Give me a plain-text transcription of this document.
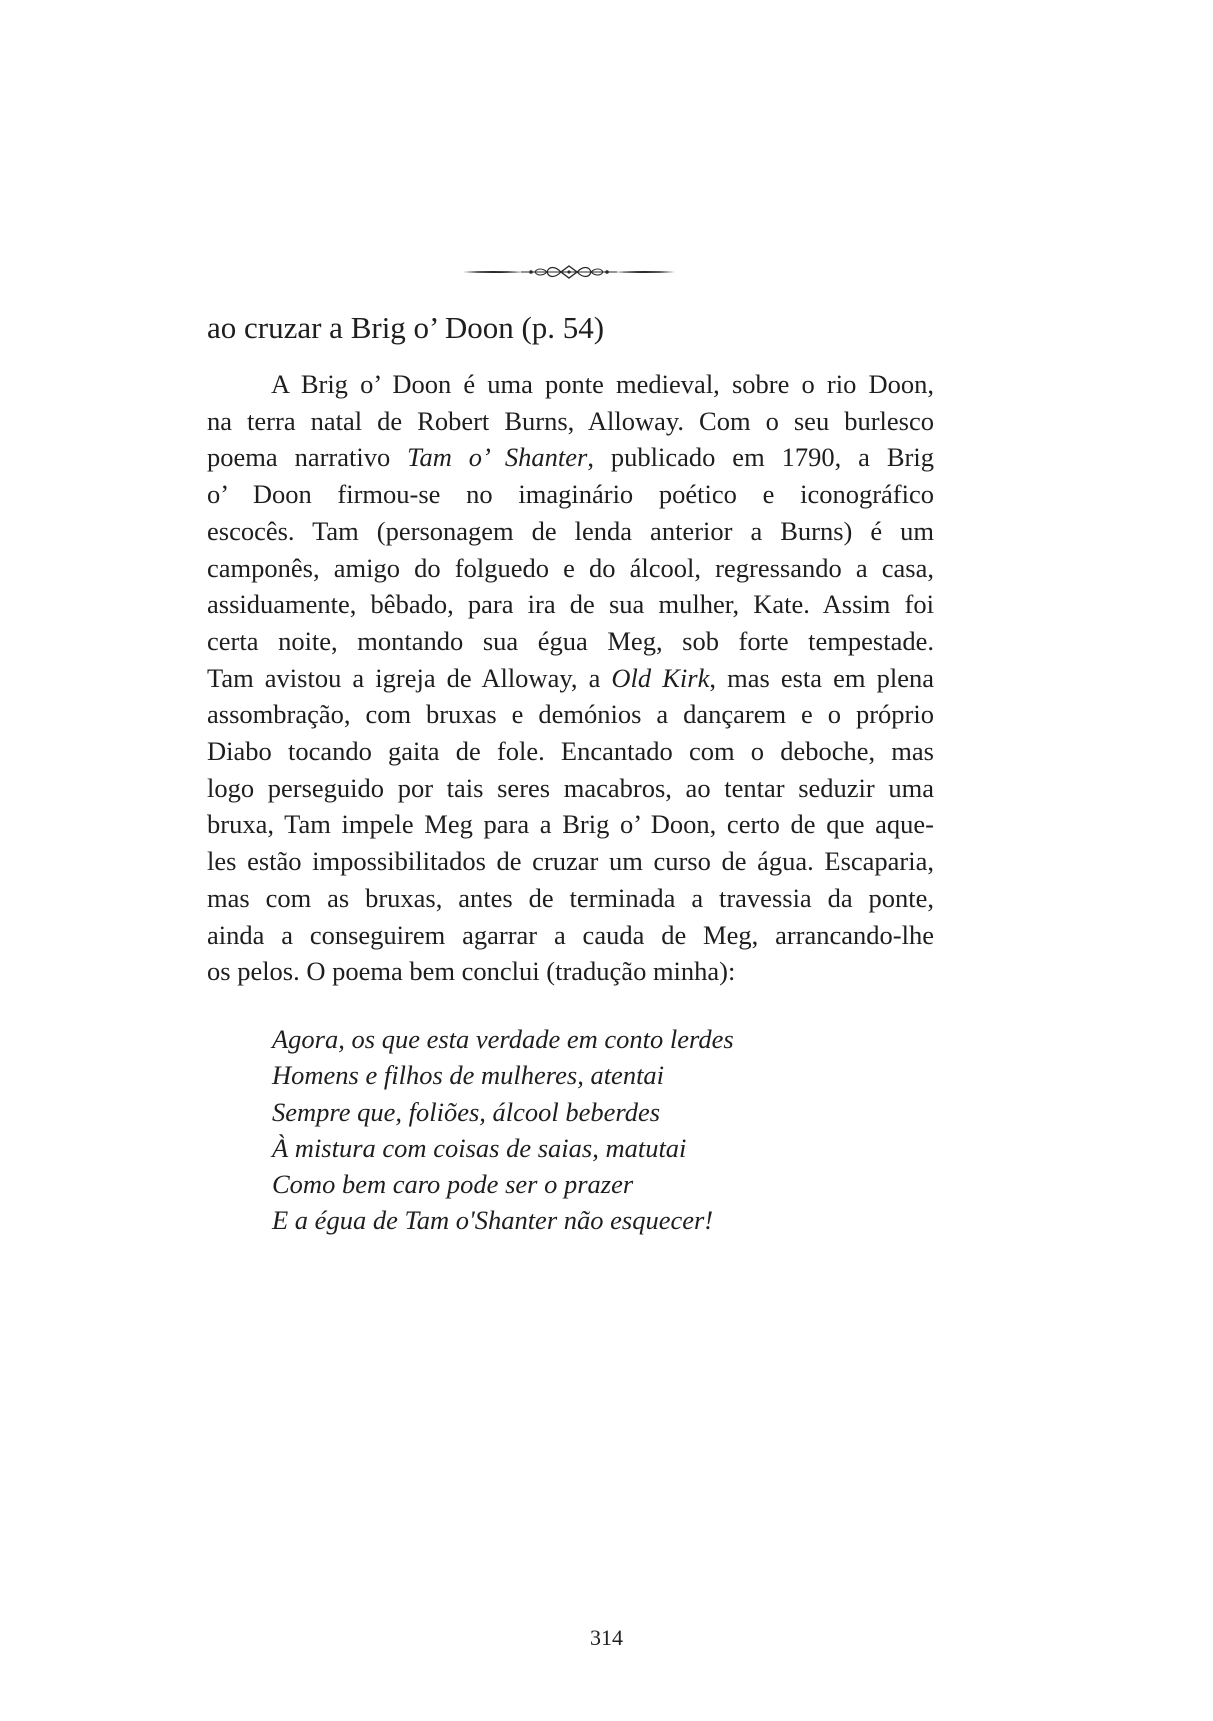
ao cruzar a Brig o’ Doon (p. 54)

A Brig o’ Doon é uma ponte medieval, sobre o rio Doon,
na terra natal de Robert Burns, Alloway. Com o seu burlesco
poema narrativo Tam o’ Shanter, publicado em 1790, a Brig
o’ Doon firmou-se no imaginário poético e iconográfico
escocês. Tam (personagem de lenda anterior a Burns) é um
camponês, amigo do folguedo e do álcool, regressando a casa,
assiduamente, bêbado, para ira de sua mulher, Kate. Assim foi
certa noite, montando sua égua Meg, sob forte tempestade.
Tam avistou a igreja de Alloway, a Old Kirk, mas esta em plena
assombração, com bruxas e demónios a dançarem e o próprio
Diabo tocando gaita de fole. Encantado com o deboche, mas
logo perseguido por tais seres macabros, ao tentar seduzir uma
bruxa, Tam impele Meg para a Brig o’ Doon, certo de que aque-
les estão impossibilitados de cruzar um curso de água. Escaparia,
mas com as bruxas, antes de terminada a travessia da ponte,
ainda a conseguirem agarrar a cauda de Meg, arrancando-lhe
os pelos. O poema bem conclui (tradução minha):

Agora, os que esta verdade em conto lerdes
Homens e filhos de mulheres, atentai
Sempre que, foliões, álcool beberdes
À mistura com coisas de saias, matutai
Como bem caro pode ser o prazer
E a égua de Tam o'Shanter não esquecer!
314
